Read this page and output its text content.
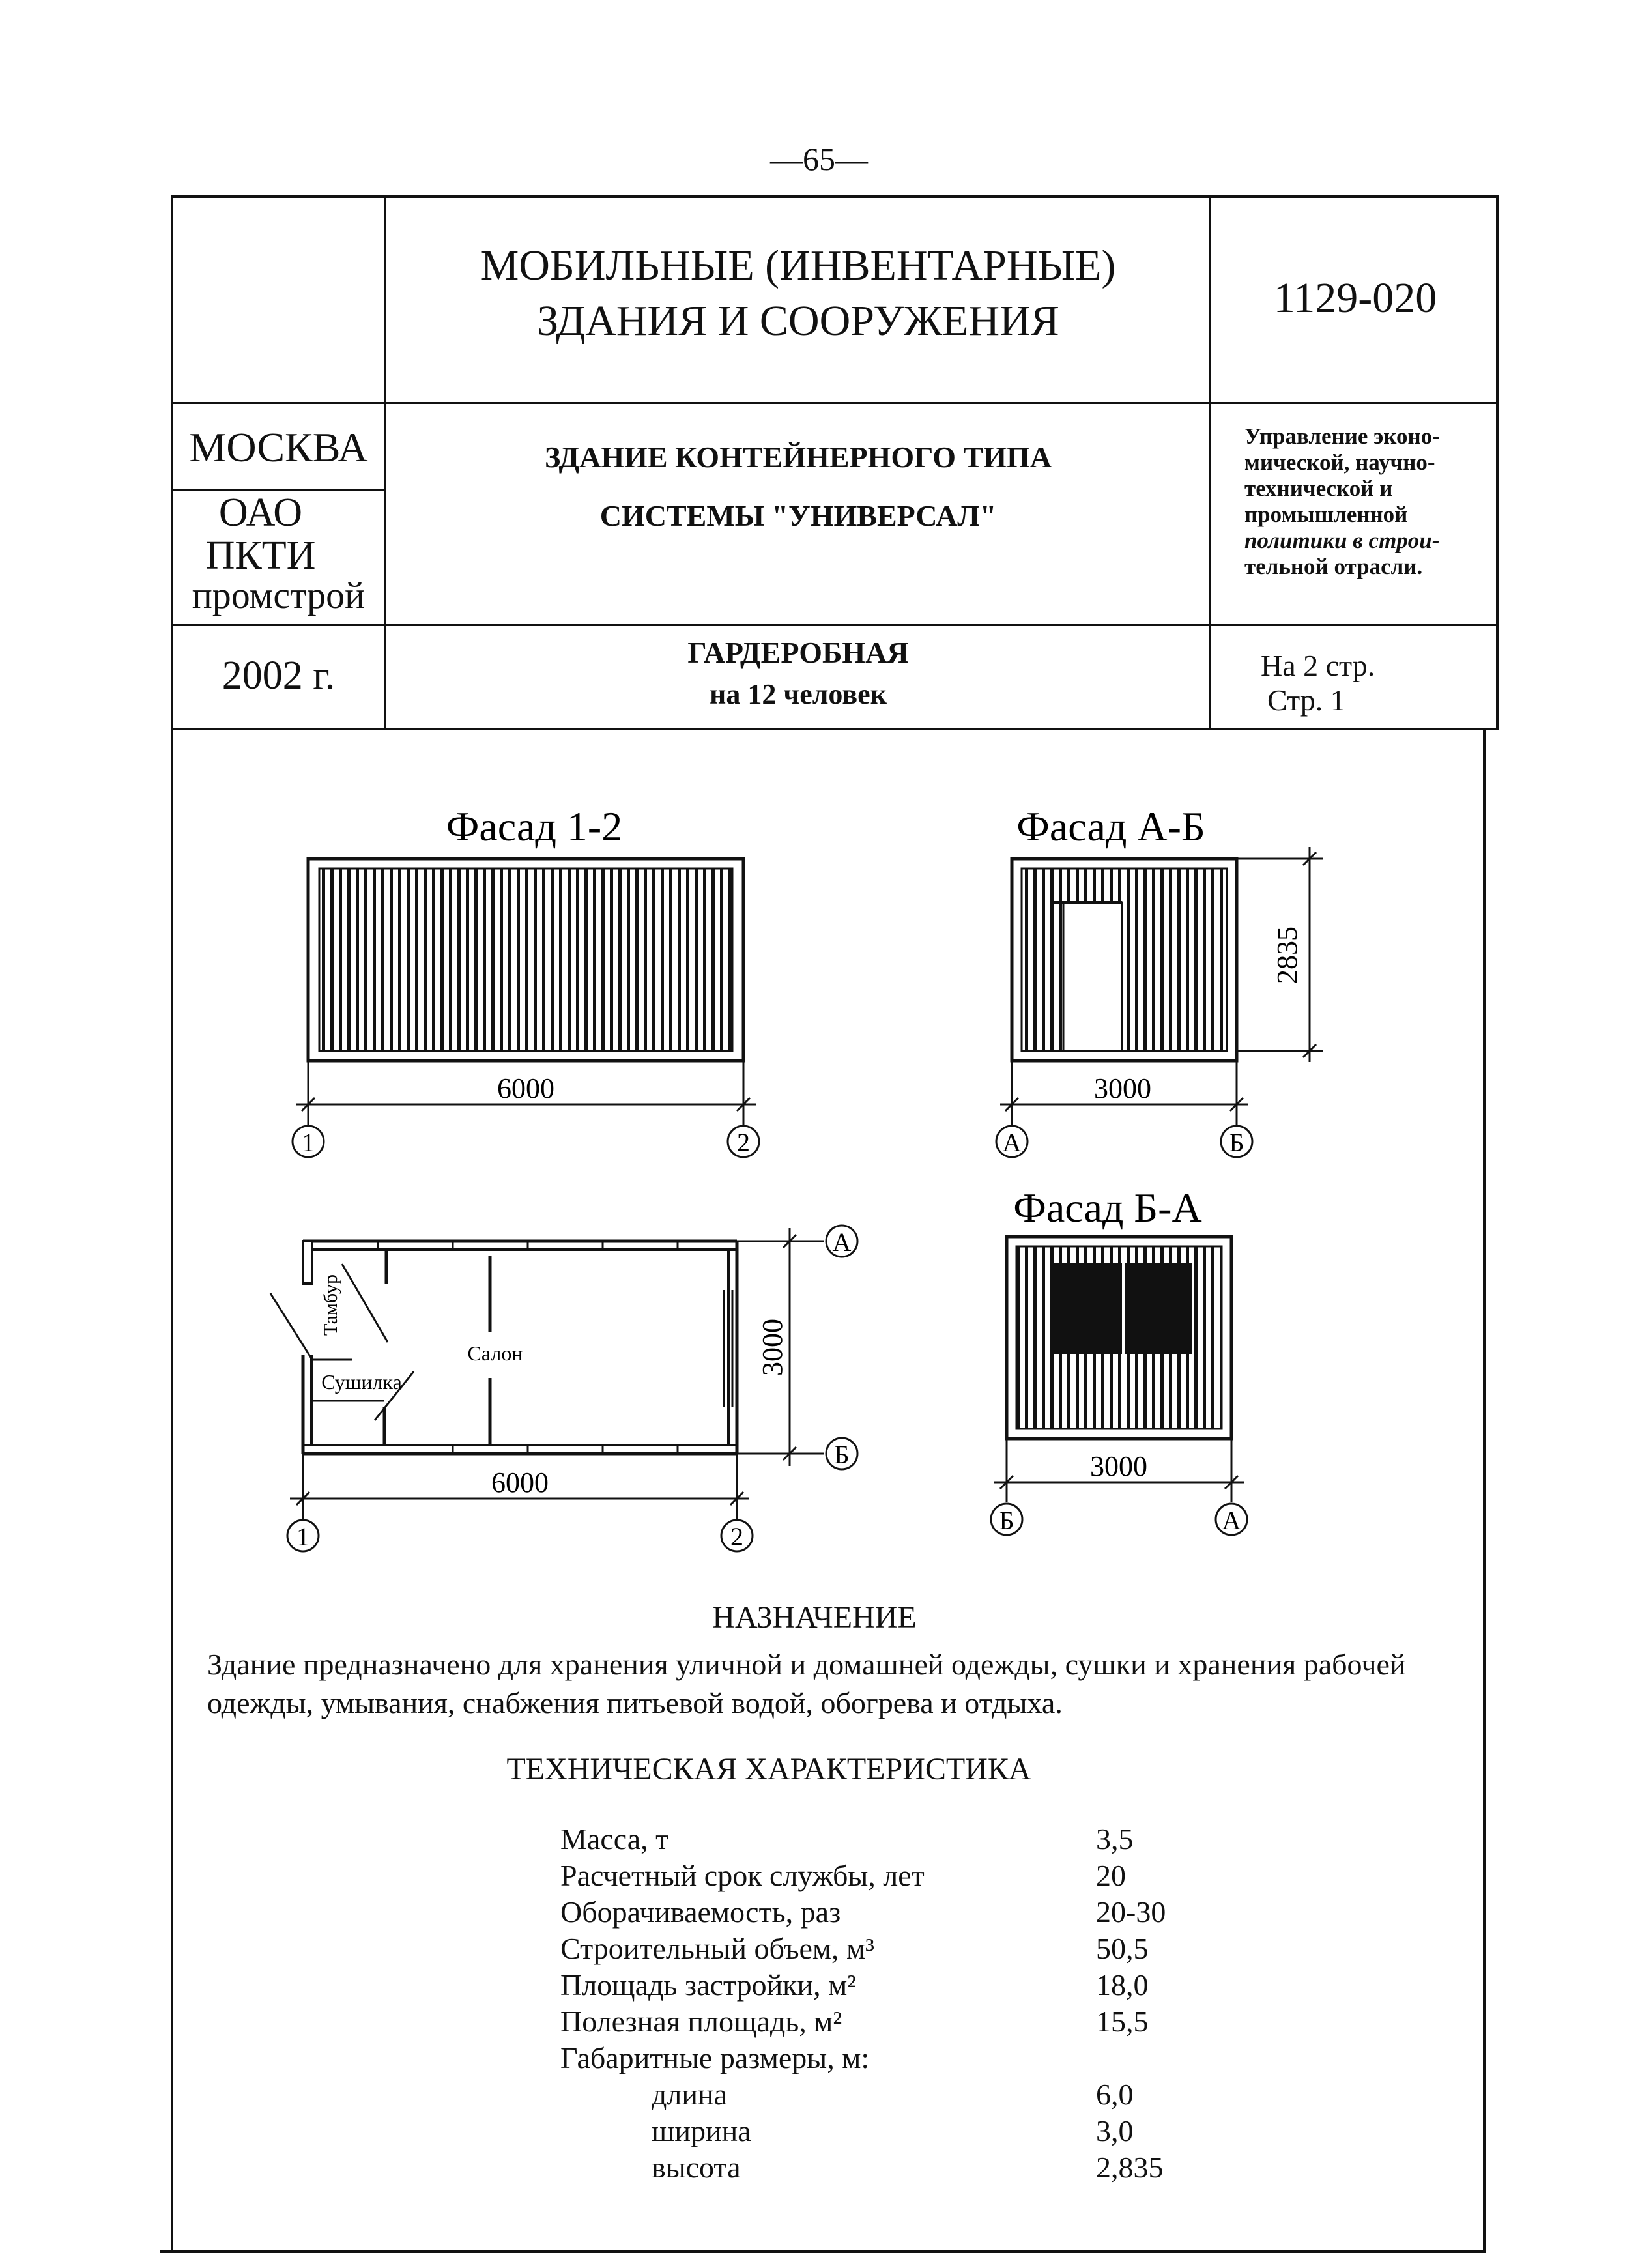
—65—
МОБИЛЬНЫЕ (ИНВЕНТАРНЫЕ)
ЗДАНИЯ И СООРУЖЕНИЯ	1129-020
МОСКВА
ОАО
ПКТИ
промстрой
ЗДАНИЕ КОНТЕЙНЕРНОГО ТИПА
СИСТЕМЫ "УНИВЕРСАЛ"
Управление эконо-
мической, научно-
технической и
промышленной
политики в строи-
тельной отрасли.
2002 г.
ГАРДЕРОБНАЯ
на 12 человек
На 2 стр.
Стр. 1
Фасад 1-2
6000
1	2
Фасад А-Б
3000
2835
А	Б
Фасад Б-А
3000
Б	А
Тамбур
Салон
Сушилка
6000
3000
А
Б
1	2
НАЗНАЧЕНИЕ
Здание предназначено для хранения уличной и домашней одежды, сушки и хранения рабочей
одежды, умывания, снабжения питьевой водой, обогрева и отдыха.
ТЕХНИЧЕСКАЯ ХАРАКТЕРИСТИКА
Масса, т	3,5
Расчетный срок службы, лет	20
Оборачиваемость, раз	20-30
Строительный объем, м³	50,5
Площадь застройки, м²	18,0
Полезная площадь, м²	15,5
Габаритные размеры, м:
длина	6,0
ширина	3,0
высота	2,835
